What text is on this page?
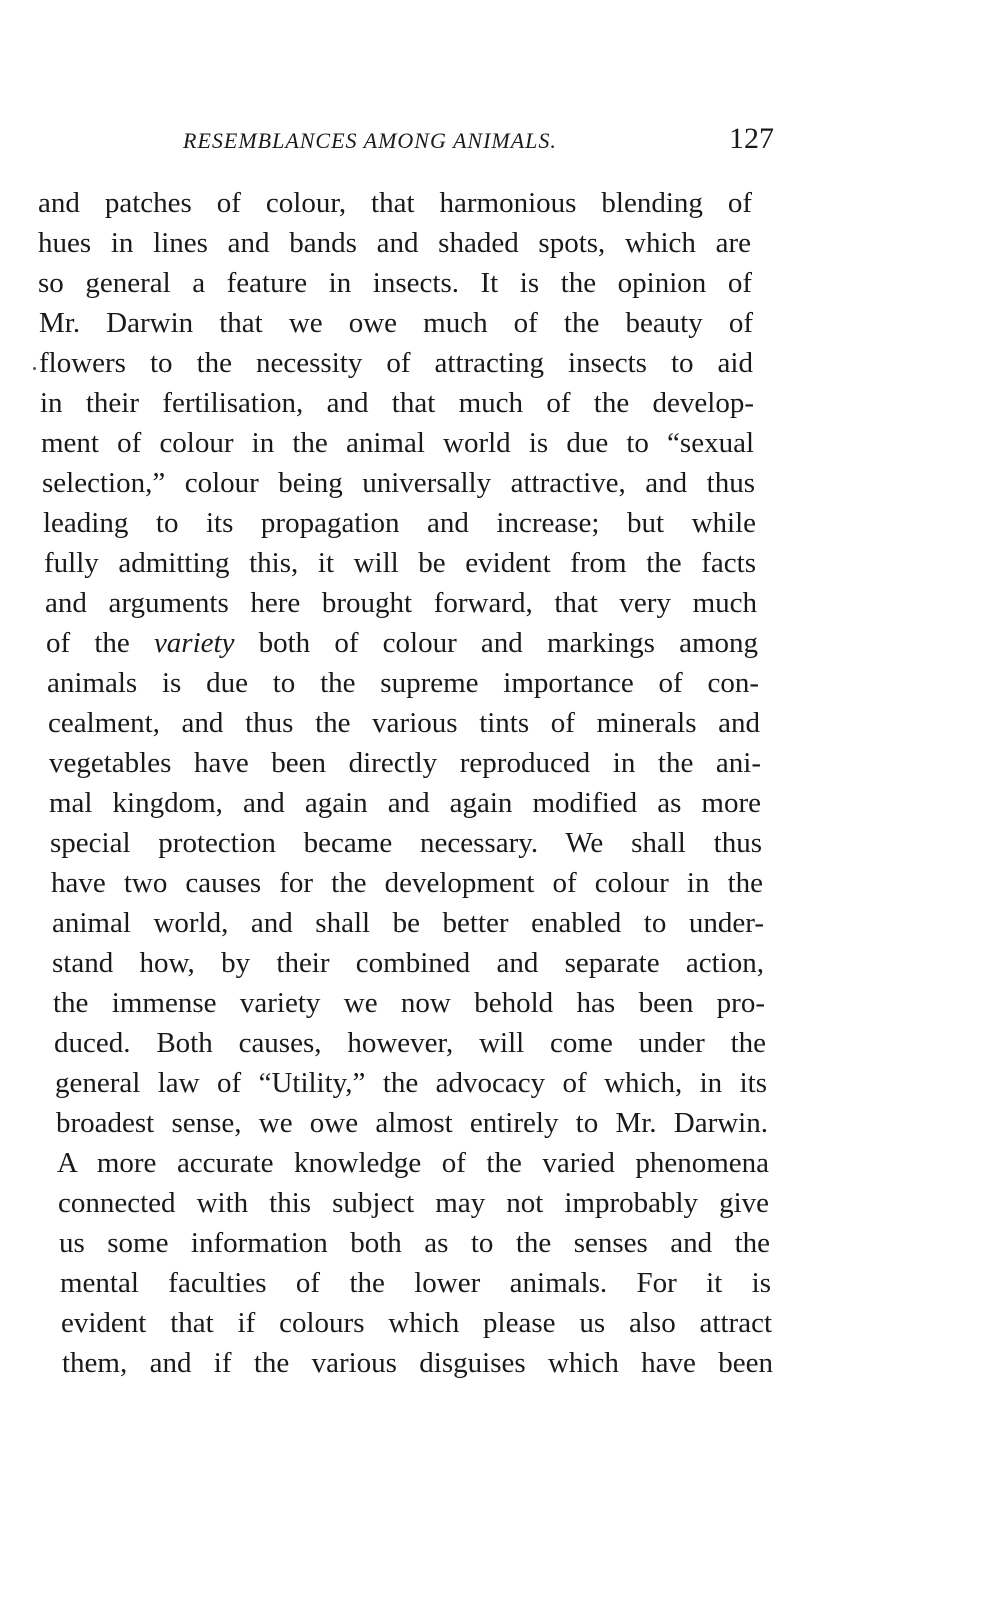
RESEMBLANCES AMONG ANIMALS.	127
and patches of colour, that harmonious blending of
hues in lines and bands and shaded spots, which are
so general a feature in insects. It is the opinion of
Mr. Darwin that we owe much of the beauty of
flowers to the necessity of attracting insects to aid
in their fertilisation, and that much of the develop-
ment of colour in the animal world is due to “sexual
selection,” colour being universally attractive, and thus
leading to its propagation and increase; but while
fully admitting this, it will be evident from the facts
and arguments here brought forward, that very much
of the variety both of colour and markings among
animals is due to the supreme importance of con-
cealment, and thus the various tints of minerals and
vegetables have been directly reproduced in the ani-
mal kingdom, and again and again modified as more
special protection became necessary. We shall thus
have two causes for the development of colour in the
animal world, and shall be better enabled to under-
stand how, by their combined and separate action,
the immense variety we now behold has been pro-
duced. Both causes, however, will come under the
general law of “Utility,” the advocacy of which, in its
broadest sense, we owe almost entirely to Mr. Darwin.
A more accurate knowledge of the varied phenomena
connected with this subject may not improbably give
us some information both as to the senses and the
mental faculties of the lower animals. For it is
evident that if colours which please us also attract
them, and if the various disguises which have been
